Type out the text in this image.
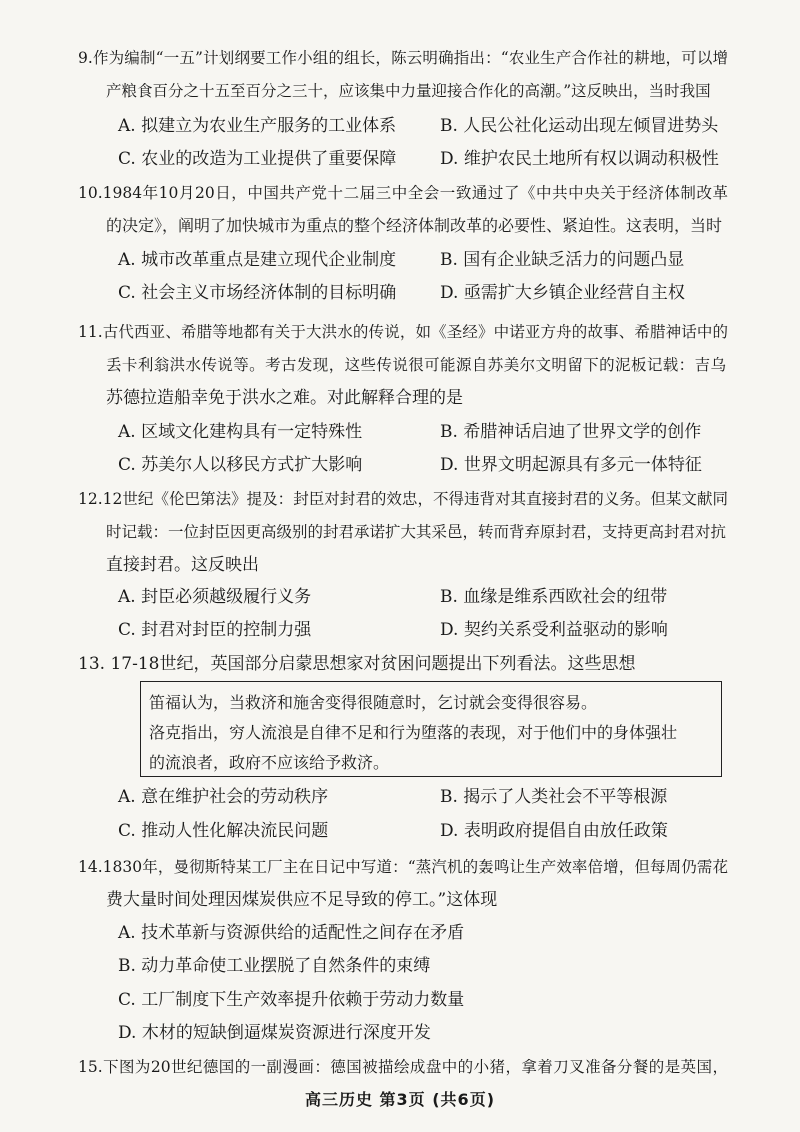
9.作为编制“一五”计划纲要工作小组的组长，陈云明确指出：“农业生产合作社的耕地，可以增
产粮食百分之十五至百分之三十，应该集中力量迎接合作化的高潮。”这反映出，当时我国
A. 拟建立为农业生产服务的工业体系	B. 人民公社化运动出现左倾冒进势头
C. 农业的改造为工业提供了重要保障	D. 维护农民土地所有权以调动积极性
10.1984年10月20日，中国共产党十二届三中全会一致通过了《中共中央关于经济体制改革
的决定》，阐明了加快城市为重点的整个经济体制改革的必要性、紧迫性。这表明，当时
A. 城市改革重点是建立现代企业制度	B. 国有企业缺乏活力的问题凸显
C. 社会主义市场经济体制的目标明确	D. 亟需扩大乡镇企业经营自主权
11.古代西亚、希腊等地都有关于大洪水的传说，如《圣经》中诺亚方舟的故事、希腊神话中的
丢卡利翁洪水传说等。考古发现，这些传说很可能源自苏美尔文明留下的泥板记载：吉乌
苏德拉造船幸免于洪水之难。对此解释合理的是
A. 区域文化建构具有一定特殊性	B. 希腊神话启迪了世界文学的创作
C. 苏美尔人以移民方式扩大影响	D. 世界文明起源具有多元一体特征
12.12世纪《伦巴第法》提及：封臣对封君的效忠，不得违背对其直接封君的义务。但某文献同
时记载：一位封臣因更高级别的封君承诺扩大其采邑，转而背弃原封君，支持更高封君对抗
直接封君。这反映出
A. 封臣必须越级履行义务	B. 血缘是维系西欧社会的纽带
C. 封君对封臣的控制力强	D. 契约关系受利益驱动的影响
13. 17-18世纪，英国部分启蒙思想家对贫困问题提出下列看法。这些思想
笛福认为，当救济和施舍变得很随意时，乞讨就会变得很容易。
洛克指出，穷人流浪是自律不足和行为堕落的表现，对于他们中的身体强壮
的流浪者，政府不应该给予救济。
A. 意在维护社会的劳动秩序	B. 揭示了人类社会不平等根源
C. 推动人性化解决流民问题	D. 表明政府提倡自由放任政策
14.1830年，曼彻斯特某工厂主在日记中写道：“蒸汽机的轰鸣让生产效率倍增，但每周仍需花
费大量时间处理因煤炭供应不足导致的停工。”这体现
A. 技术革新与资源供给的适配性之间存在矛盾
B. 动力革命使工业摆脱了自然条件的束缚
C. 工厂制度下生产效率提升依赖于劳动力数量
D. 木材的短缺倒逼煤炭资源进行深度开发
15.下图为20世纪德国的一副漫画：德国被描绘成盘中的小猪，拿着刀叉准备分餐的是英国，
高三历史 第3页 (共6页)
